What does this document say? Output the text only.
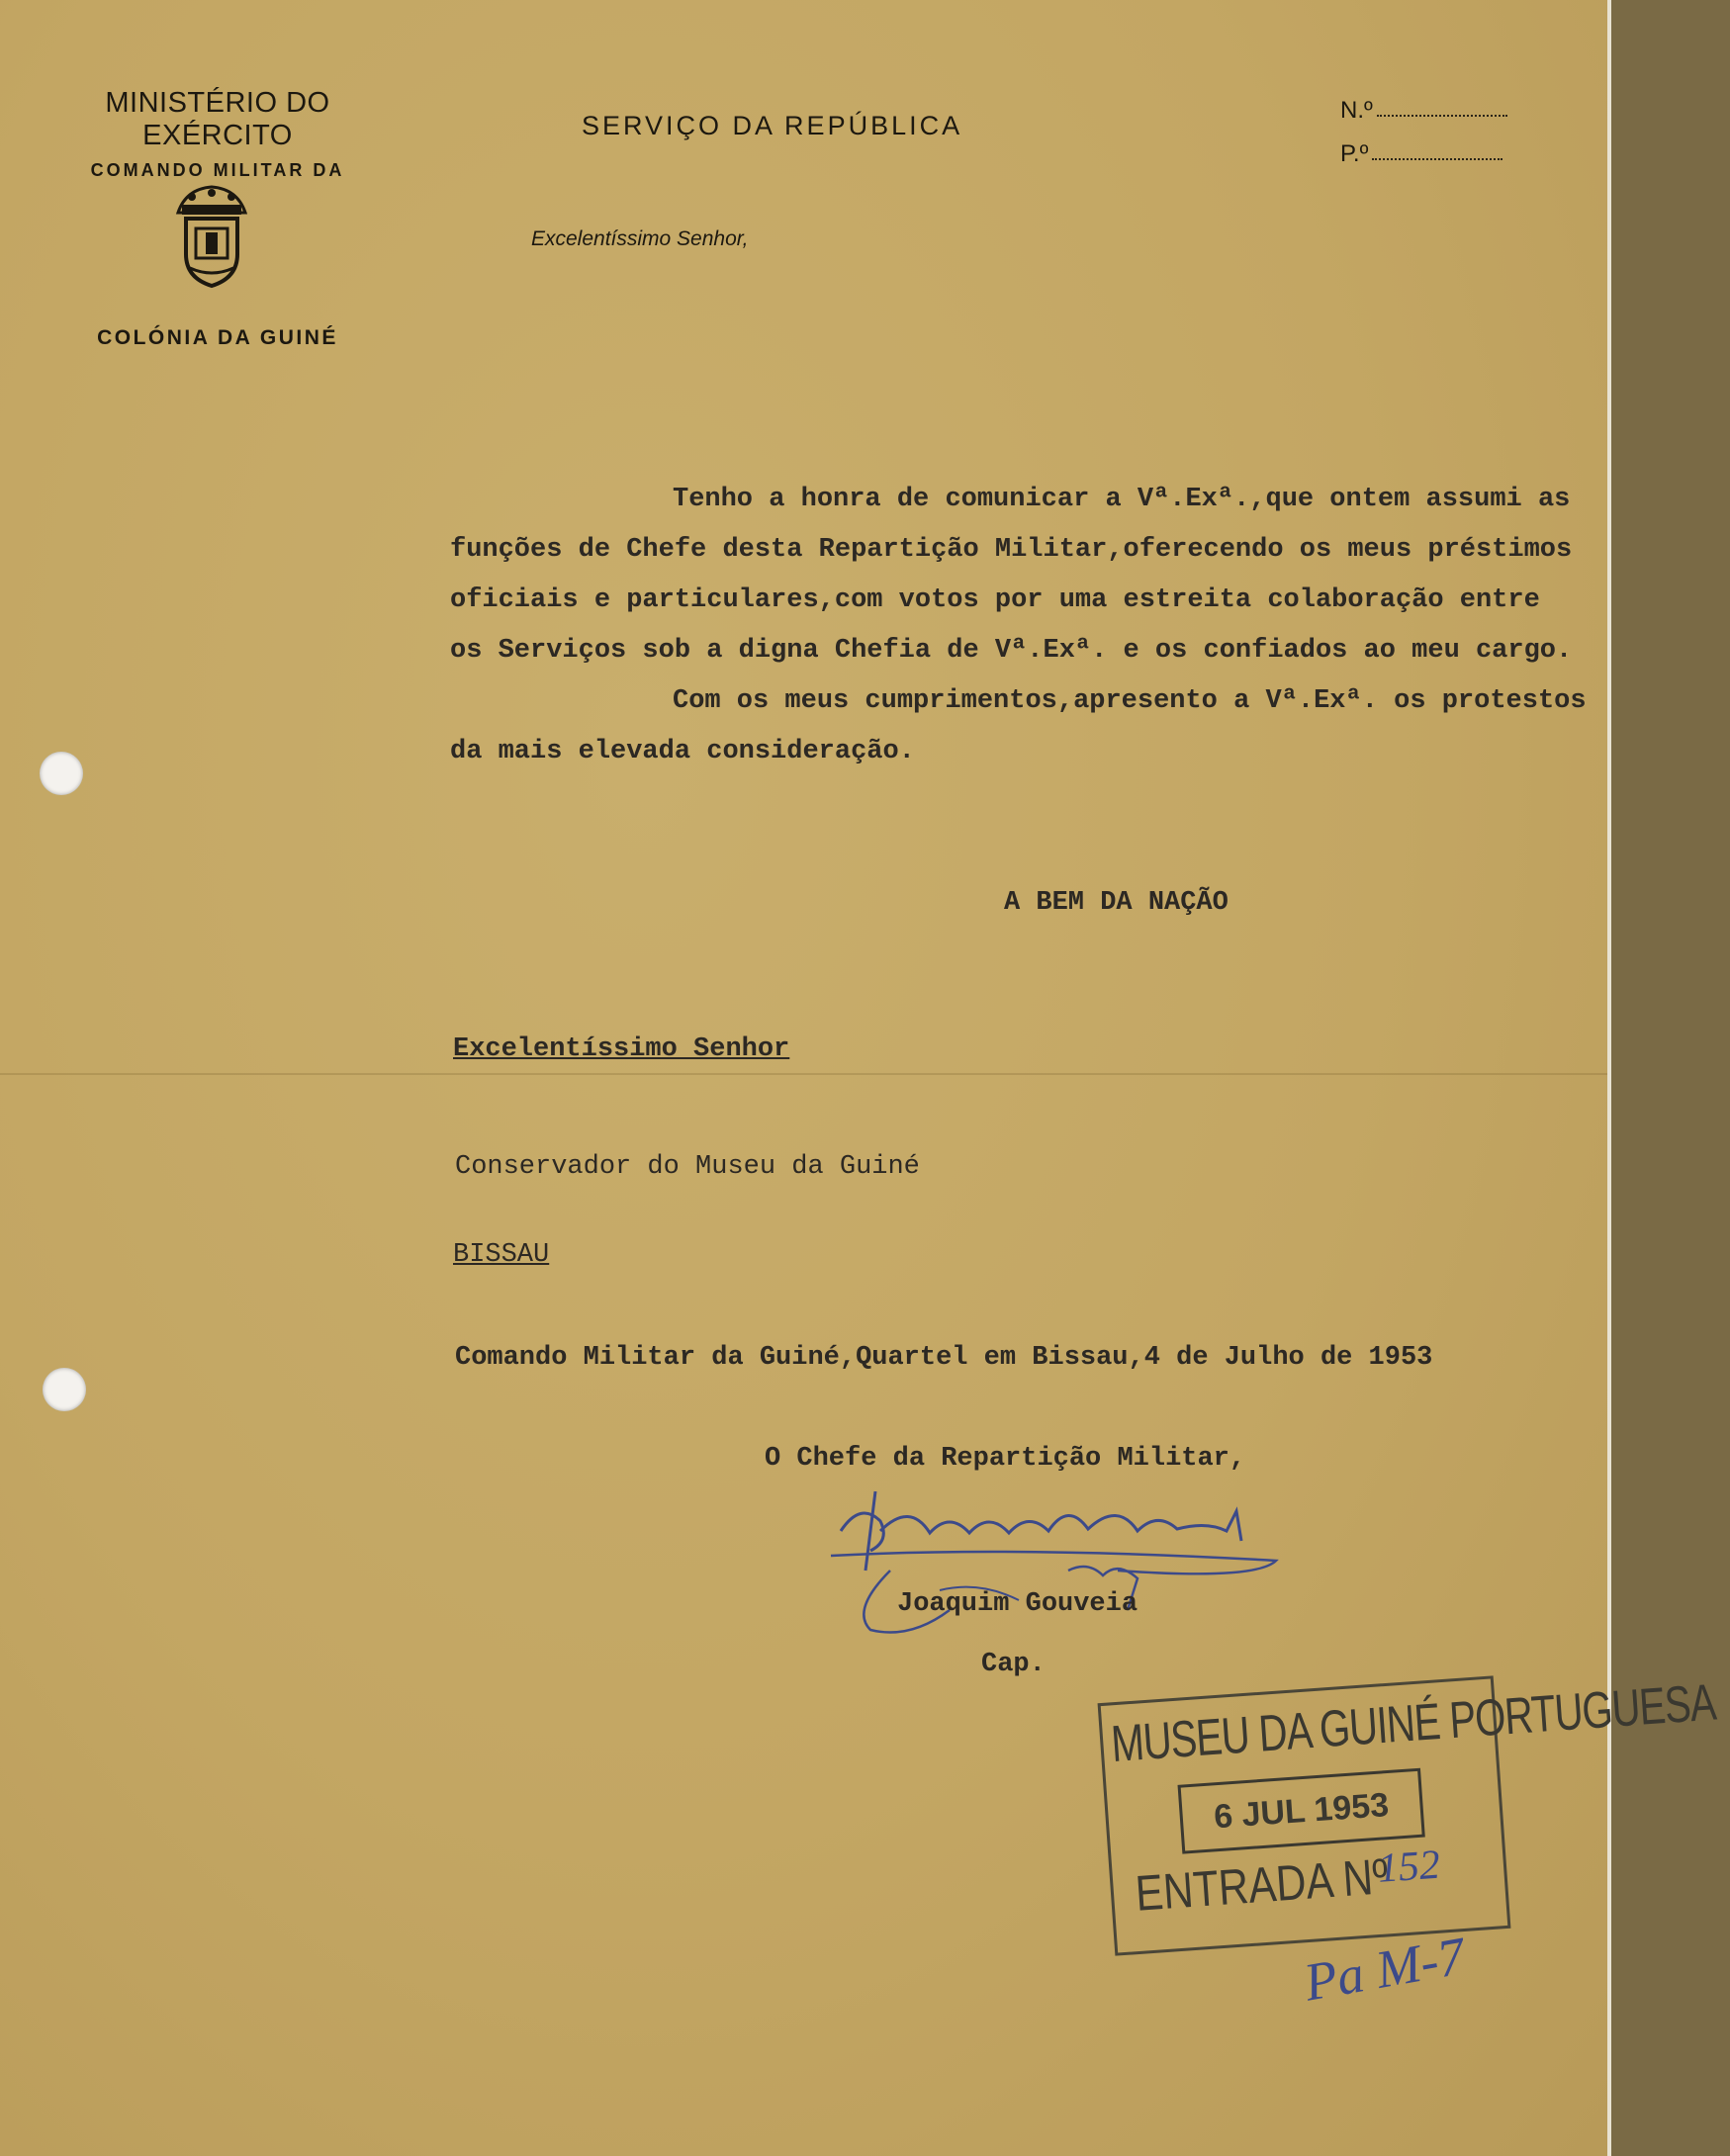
MINISTÉRIO DO EXÉRCITO
COMANDO MILITAR DA
COLÓNIA DA GUINÉ
SERVIÇO DA REPÚBLICA
N.º
P.º
Excelentíssimo Senhor,

Tenho a honra de comunicar a Vª.Exª.,que ontem assumi as funções de Chefe desta Repartição Militar,oferecendo os meus préstimos oficiais e particulares,com votos por uma estreita colaboração entre os Serviços sob a digna Chefia de Vª.Exª. e os confiados ao meu cargo.

Com os meus cumprimentos,apresento a Vª.Exª. os protestos da mais elevada consideração.

A BEM DA NAÇÃO
Excelentíssimo Senhor
Conservador do Museu da Guiné
BISSAU
Comando Militar da Guiné,Quartel em Bissau,4 de Julho de 1953
O Chefe da Repartição Militar,
Joaquim Gouveia
Cap.
MUSEU DA GUINÉ PORTUGUESA
6 JUL 1953
ENTRADA Nº
152
Pa M-7
